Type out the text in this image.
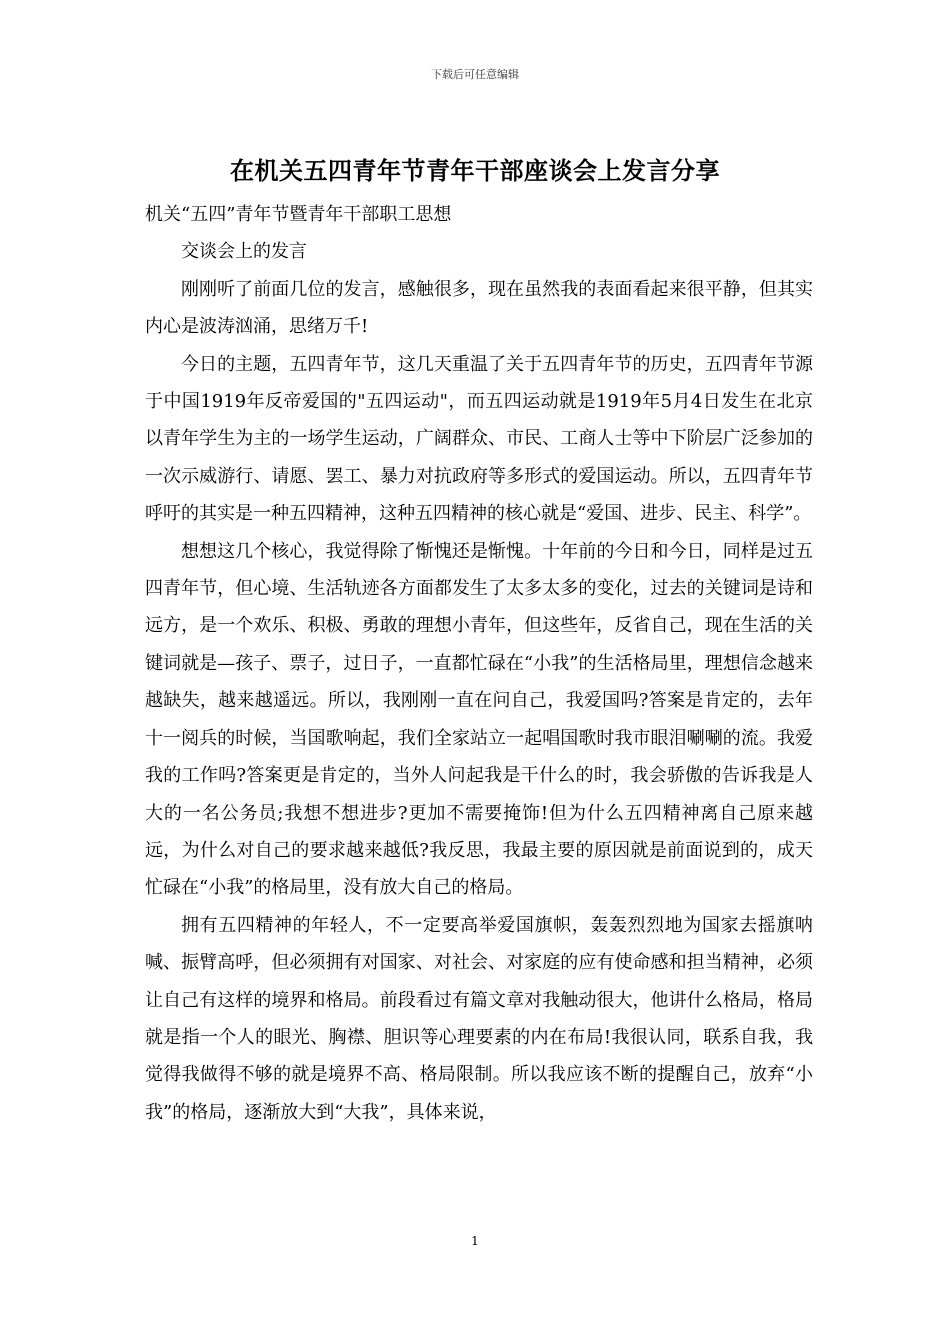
下载后可任意编辑
在机关五四青年节青年干部座谈会上发言分享

机关“五四”青年节暨青年干部职工思想

交谈会上的发言

刚刚听了前面几位的发言，感触很多，现在虽然我的表面看起来很平静，但其实内心是波涛汹涌，思绪万千!

今日的主题，五四青年节，这几天重温了关于五四青年节的历史，五四青年节源于中国1919年反帝爱国的"五四运动"，而五四运动就是1919年5月4日发生在北京以青年学生为主的一场学生运动，广阔群众、市民、工商人士等中下阶层广泛参加的一次示威游行、请愿、罢工、暴力对抗政府等多形式的爱国运动。所以，五四青年节呼吁的其实是一种五四精神，这种五四精神的核心就是“爱国、进步、民主、科学”。

想想这几个核心，我觉得除了惭愧还是惭愧。十年前的今日和今日，同样是过五四青年节，但心境、生活轨迹各方面都发生了太多太多的变化，过去的关键词是诗和远方，是一个欢乐、积极、勇敢的理想小青年，但这些年，反省自己，现在生活的关键词就是—孩子、票子，过日子，一直都忙碌在“小我”的生活格局里，理想信念越来越缺失，越来越遥远。所以，我刚刚一直在问自己，我爱国吗?答案是肯定的，去年十一阅兵的时候，当国歌响起，我们全家站立一起唱国歌时我市眼泪唰唰的流。我爱我的工作吗?答案更是肯定的，当外人问起我是干什么的时，我会骄傲的告诉我是人大的一名公务员;我想不想进步?更加不需要掩饰!但为什么五四精神离自己原来越远，为什么对自己的要求越来越低?我反思，我最主要的原因就是前面说到的，成天忙碌在“小我”的格局里，没有放大自己的格局。

拥有五四精神的年轻人，不一定要高举爱国旗帜，轰轰烈烈地为国家去摇旗呐喊、振臂高呼，但必须拥有对国家、对社会、对家庭的应有使命感和担当精神，必须让自己有这样的境界和格局。前段看过有篇文章对我触动很大，他讲什么格局，格局就是指一个人的眼光、胸襟、胆识等心理要素的内在布局!我很认同，联系自我，我觉得我做得不够的就是境界不高、格局限制。所以我应该不断的提醒自己，放弃“小我”的格局，逐渐放大到“大我”，具体来说，

1
